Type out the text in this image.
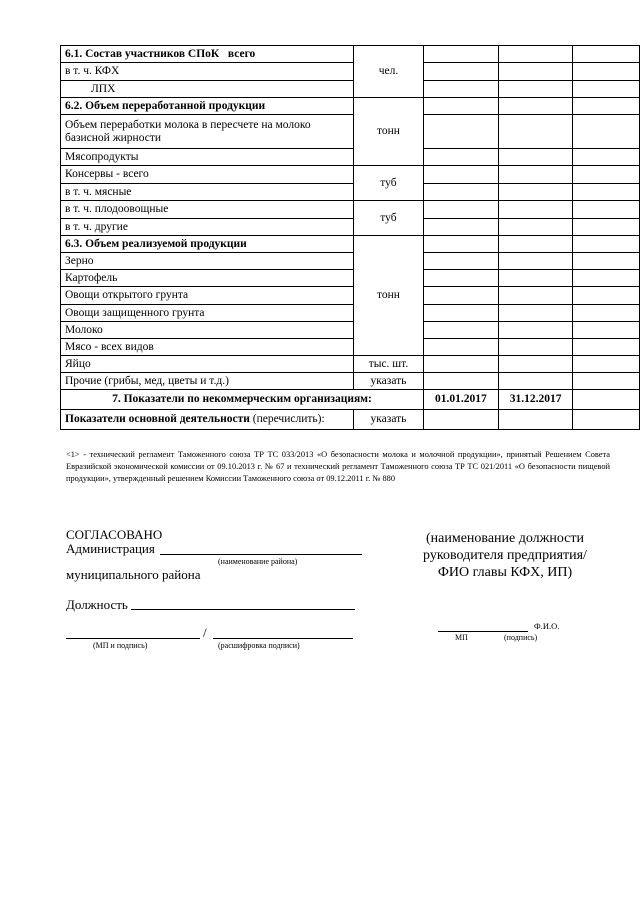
6.1. Состав участников СПоК всего	чел.			
в т. ч. КФХ				
ЛПХ				
6.2. Объем переработанной продукции	тонн			
Объем переработки молока в пересчете на молоко
базисной жирности				
Мясопродукты				
Консервы - всего	туб			
в т. ч. мясные				
в т. ч. плодоовощные	туб			
в т. ч. другие				
6.3. Объем реализуемой продукции	тонн			
Зерно				
Картофель				
Овощи открытого грунта				
Овощи защищенного грунта				
Молоко				
Мясо - всех видов				
Яйцо	тыс. шт.			
Прочие (грибы, мед, цветы и т.д.)	указать			
7. Показатели по некоммерческим организациям:		01.01.2017	31.12.2017	
Показатели основной деятельности (перечислить):	указать			

<1> - технический регламент Таможенного союза ТР ТС 033/2013 «О безопасности молока и молочной продукции», принятый Решением Совета Евразийской экономической комиссии от 09.10.2013 г. № 67 и технический регламент Таможенного союза ТР ТС 021/2011 «О безопасности пищевой продукции», утвержденный решением Комиссии Таможенного союза от 09.12.2011 г. № 880

СОГЛАСОВАНО
Администрация
(наименование района)
муниципального района
Должность
/
(МП и подпись)	(расшифровка подписи)
(наименование должности
руководителя предприятия/
ФИО главы КФХ, ИП)
Ф.И.О.
МП	(подпись)
